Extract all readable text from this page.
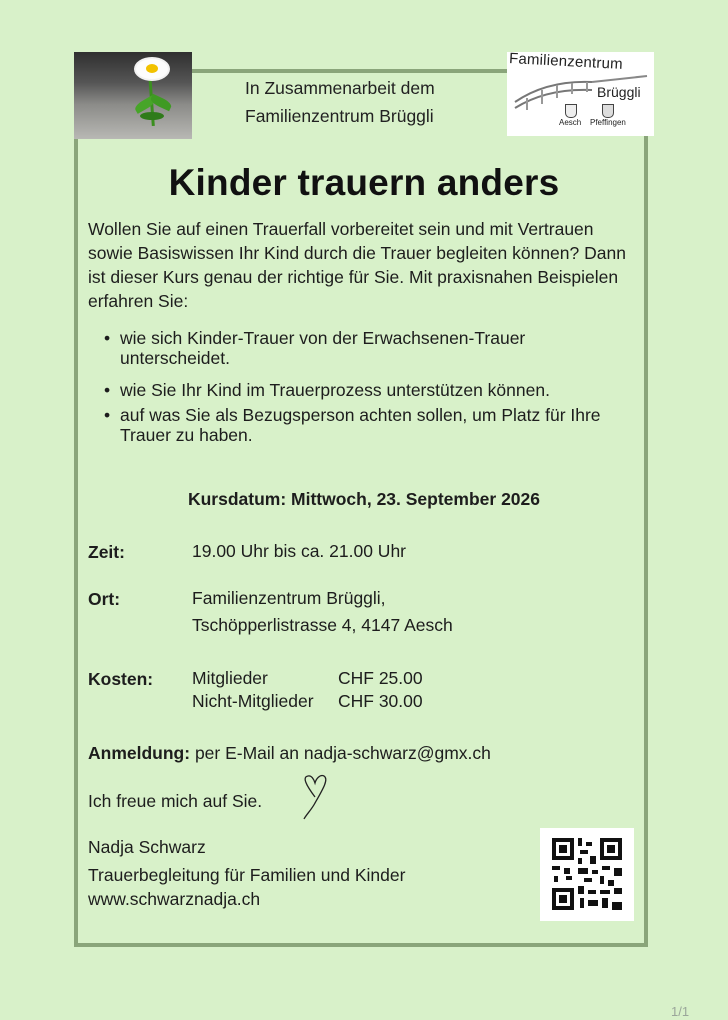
Familienzentrum
Brüggli
Aesch Pfeffingen
In Zusammenarbeit dem
Familienzentrum Brüggli
Kinder trauern anders
Wollen Sie auf einen Trauerfall vorbereitet sein und mit Vertrauen sowie Basiswissen Ihr Kind durch die Trauer begleiten können? Dann ist dieser Kurs genau der richtige für Sie. Mit praxisnahen Beispielen erfahren Sie:

• wie sich Kinder-Trauer von der Erwachsenen-Trauer unterscheidet.

• wie Sie Ihr Kind im Trauerprozess unterstützen können.

• auf was Sie als Bezugsperson achten sollen, um Platz für Ihre Trauer zu haben.

Kursdatum: Mittwoch, 23. September 2026
Zeit:	19.00 Uhr bis ca. 21.00 Uhr
Ort:	Familienzentrum Brüggli,
Tschöpperlistrasse 4, 4147 Aesch
Kosten: Mitglieder	CHF 25.00
Nicht-Mitglieder CHF 30.00
Anmeldung: per E-Mail an nadja-schwarz@gmx.ch
Ich freue mich auf Sie.
Nadja Schwarz
Trauerbegleitung für Familien und Kinder
www.schwarznadja.ch
1/1
